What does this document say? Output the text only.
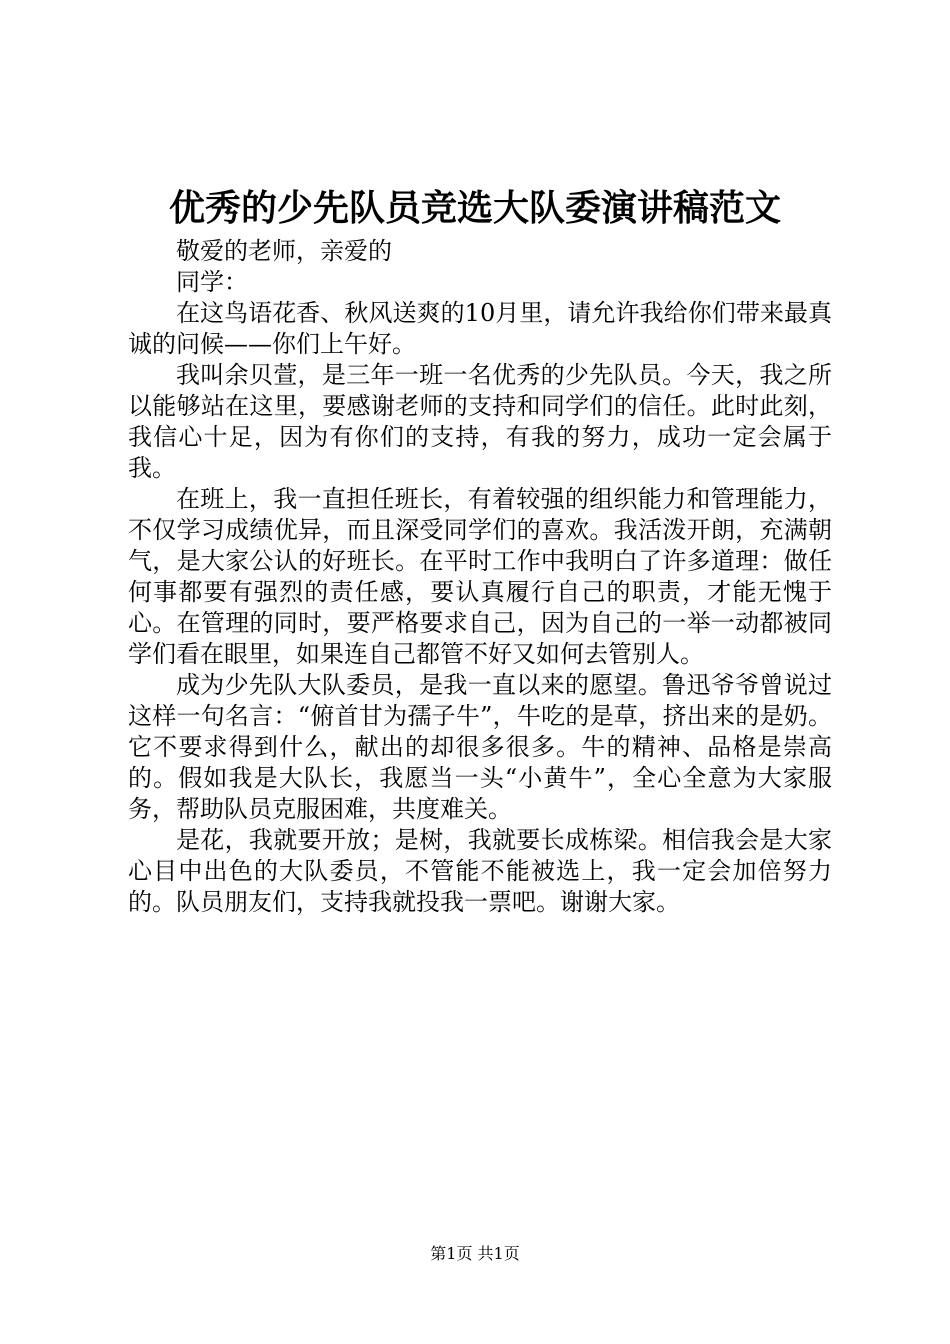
优秀的少先队员竞选大队委演讲稿范文

敬爱的老师，亲爱的

同学：

在这鸟语花香、秋风送爽的10月里，请允许我给你们带来最真诚的问候——你们上午好。

我叫余贝萱，是三年一班一名优秀的少先队员。今天，我之所以能够站在这里，要感谢老师的支持和同学们的信任。此时此刻，我信心十足，因为有你们的支持，有我的努力，成功一定会属于我。

在班上，我一直担任班长，有着较强的组织能力和管理能力，不仅学习成绩优异，而且深受同学们的喜欢。我活泼开朗，充满朝气，是大家公认的好班长。在平时工作中我明白了许多道理：做任何事都要有强烈的责任感，要认真履行自己的职责，才能无愧于心。在管理的同时，要严格要求自己，因为自己的一举一动都被同学们看在眼里，如果连自己都管不好又如何去管别人。

成为少先队大队委员，是我一直以来的愿望。鲁迅爷爷曾说过这样一句名言：“俯首甘为孺子牛”，牛吃的是草，挤出来的是奶。它不要求得到什么，献出的却很多很多。牛的精神、品格是崇高的。假如我是大队长，我愿当一头“小黄牛”，全心全意为大家服务，帮助队员克服困难，共度难关。

是花，我就要开放；是树，我就要长成栋梁。相信我会是大家心目中出色的大队委员，不管能不能被选上，我一定会加倍努力的。队员朋友们，支持我就投我一票吧。谢谢大家。

第1页 共1页
